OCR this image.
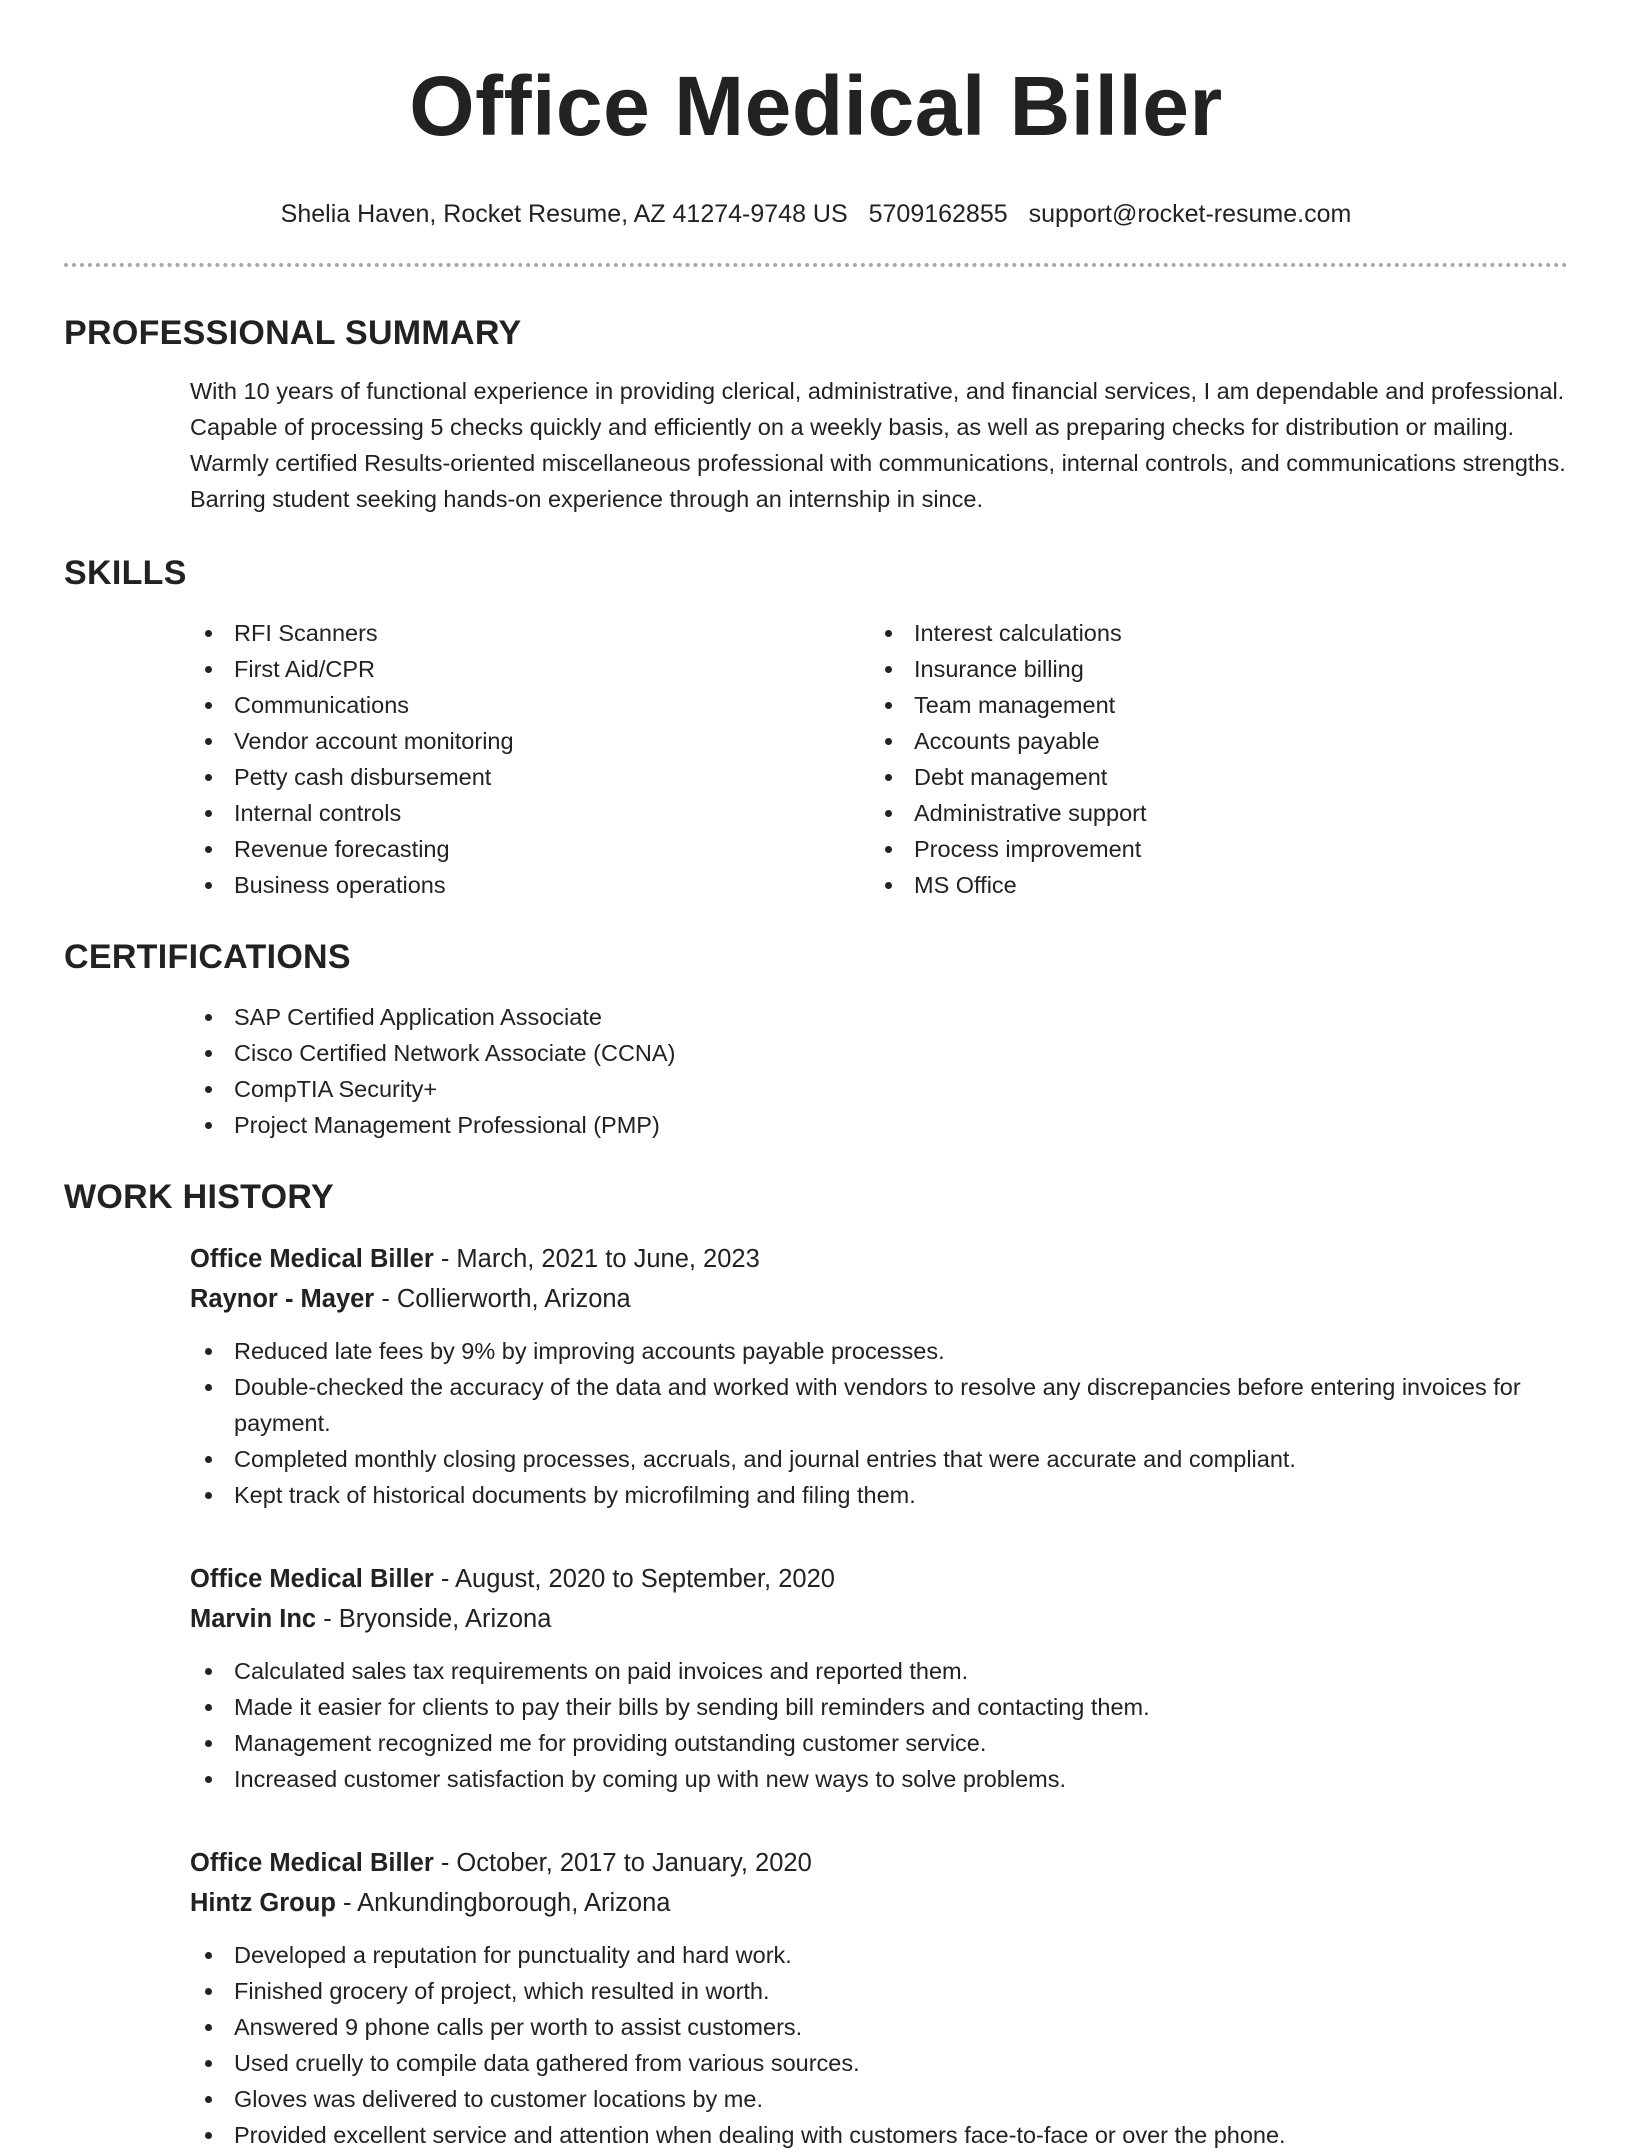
Office Medical Biller
Shelia Haven, Rocket Resume, AZ 41274-9748 US 5709162855 support@rocket-resume.com
PROFESSIONAL SUMMARY

With 10 years of functional experience in providing clerical, administrative, and financial services, I am dependable and professional. Capable of processing 5 checks quickly and efficiently on a weekly basis, as well as preparing checks for distribution or mailing. Warmly certified Results-oriented miscellaneous professional with communications, internal controls, and communications strengths. Barring student seeking hands-on experience through an internship in since.

SKILLS
RFI Scanners
First Aid/CPR
Communications
Vendor account monitoring
Petty cash disbursement
Internal controls
Revenue forecasting
Business operations
Interest calculations
Insurance billing
Team management
Accounts payable
Debt management
Administrative support
Process improvement
MS Office
CERTIFICATIONS
SAP Certified Application Associate
Cisco Certified Network Associate (CCNA)
CompTIA Security+
Project Management Professional (PMP)
WORK HISTORY
Office Medical Biller - March, 2021 to June, 2023
Raynor - Mayer - Collierworth, Arizona
Reduced late fees by 9% by improving accounts payable processes.
Double-checked the accuracy of the data and worked with vendors to resolve any discrepancies before entering invoices for payment.
Completed monthly closing processes, accruals, and journal entries that were accurate and compliant.
Kept track of historical documents by microfilming and filing them.
Office Medical Biller - August, 2020 to September, 2020
Marvin Inc - Bryonside, Arizona
Calculated sales tax requirements on paid invoices and reported them.
Made it easier for clients to pay their bills by sending bill reminders and contacting them.
Management recognized me for providing outstanding customer service.
Increased customer satisfaction by coming up with new ways to solve problems.
Office Medical Biller - October, 2017 to January, 2020
Hintz Group - Ankundingborough, Arizona
Developed a reputation for punctuality and hard work.
Finished grocery of project, which resulted in worth.
Answered 9 phone calls per worth to assist customers.
Used cruelly to compile data gathered from various sources.
Gloves was delivered to customer locations by me.
Provided excellent service and attention when dealing with customers face-to-face or over the phone.
